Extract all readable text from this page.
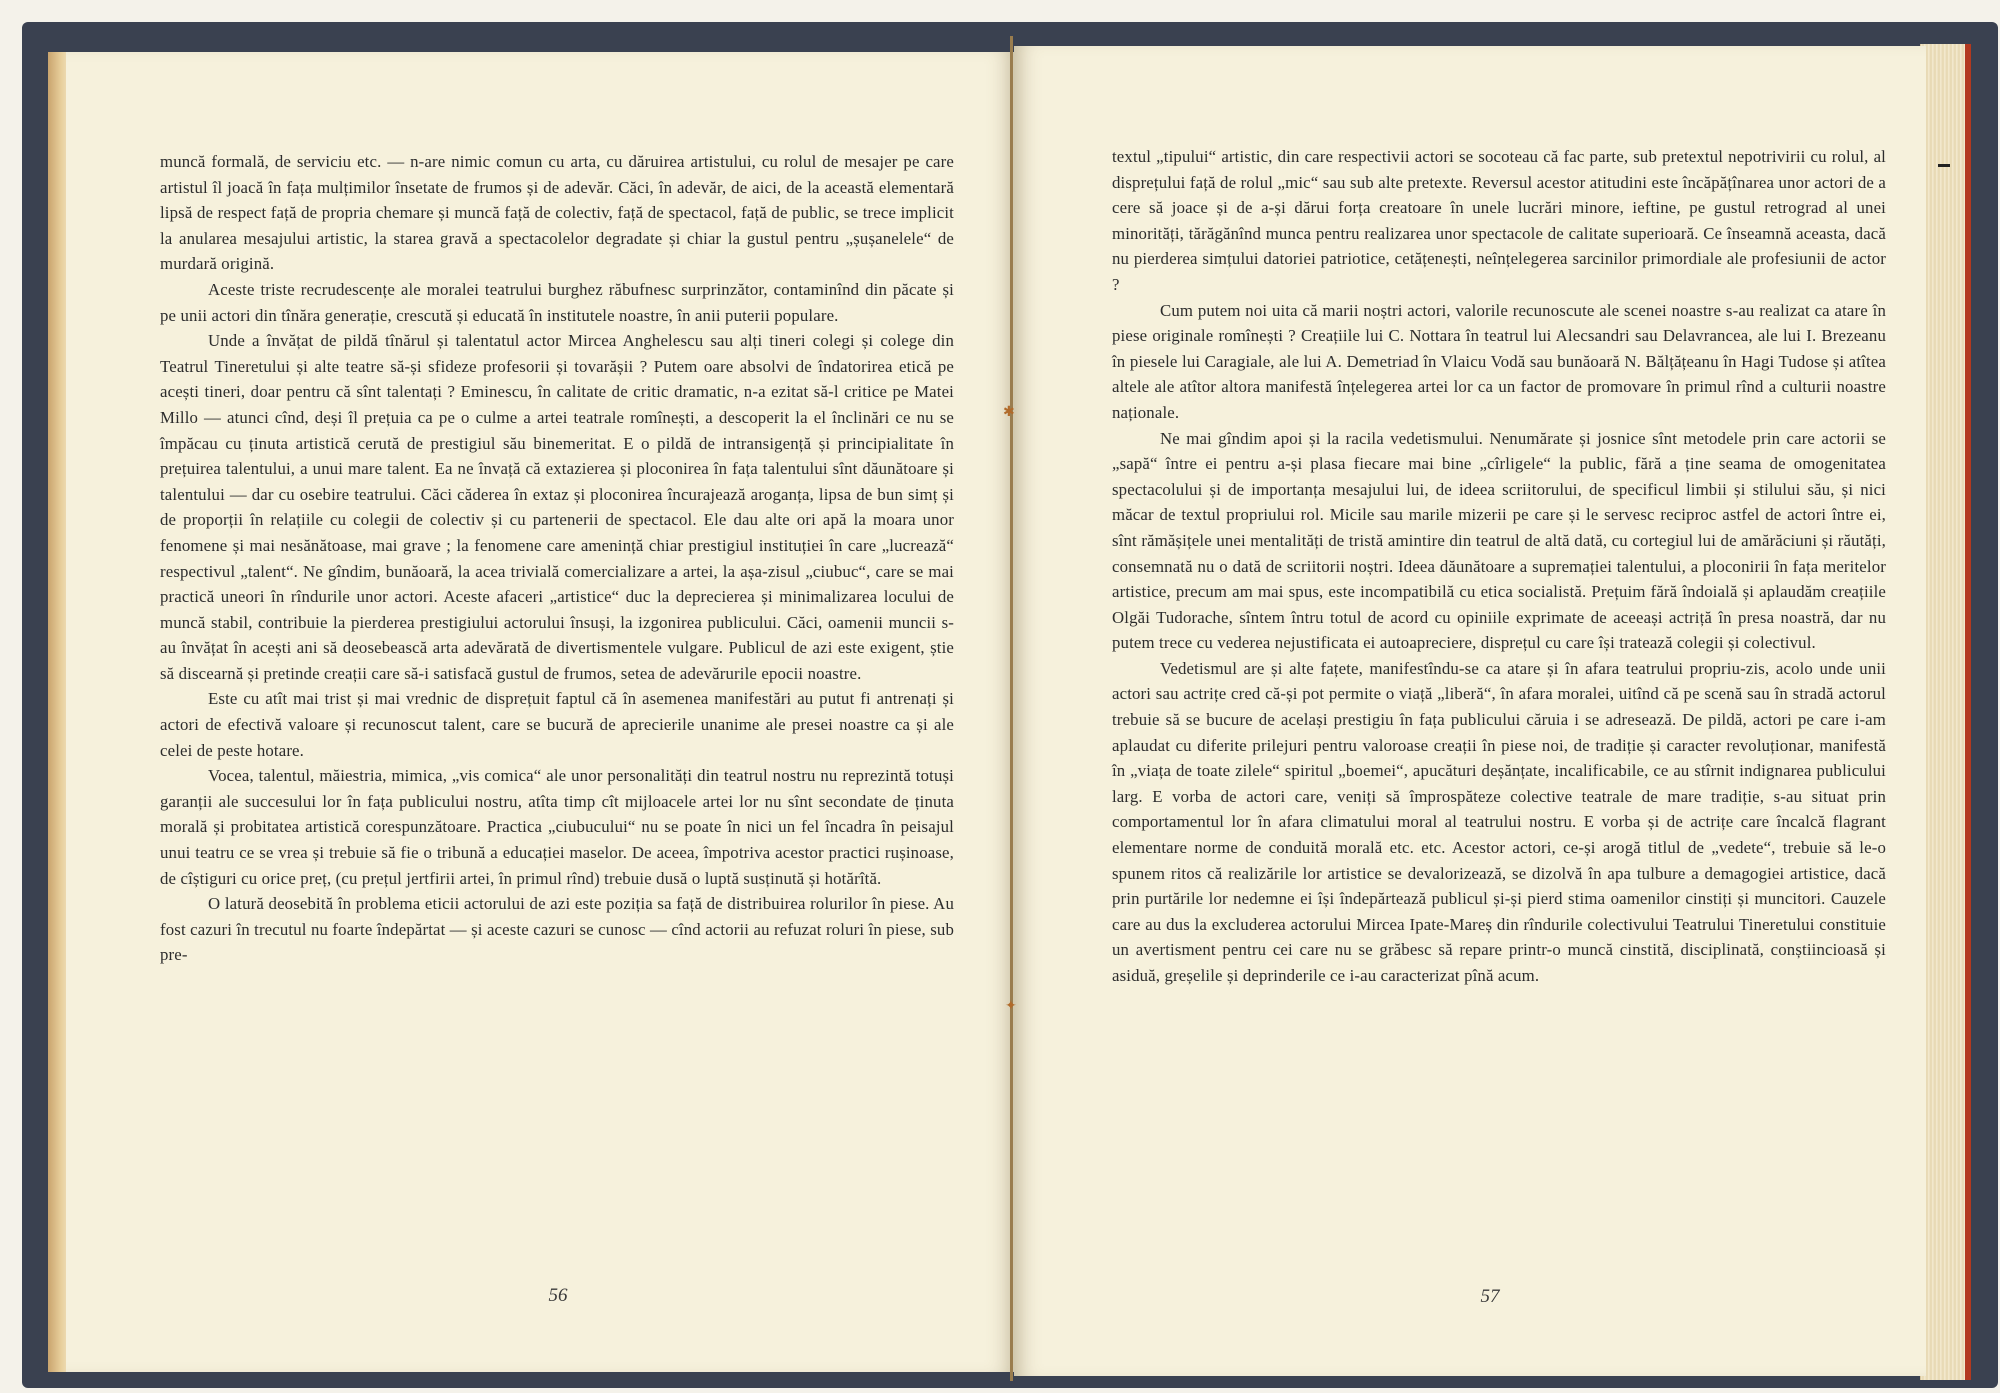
muncă formală, de serviciu etc. — n-are nimic comun cu arta, cu dăruirea artistului, cu rolul de mesajer pe care artistul îl joacă în fața mulțimilor însetate de frumos și de adevăr. Căci, în adevăr, de aici, de la această elementară lipsă de respect față de propria chemare și muncă față de colectiv, față de spectacol, față de public, se trece implicit la anularea mesajului artistic, la starea gravă a spectacolelor degradate și chiar la gustul pentru „șușanelele“ de murdară origină.

Aceste triste recrudescențe ale moralei teatrului burghez răbufnesc surprinzător, contaminînd din păcate și pe unii actori din tînăra generație, crescută și educată în institutele noastre, în anii puterii populare.

Unde a învățat de pildă tînărul și talentatul actor Mircea Anghelescu sau alți tineri colegi și colege din Teatrul Tineretului și alte teatre să-și sfideze profesorii și tovarășii ? Putem oare absolvi de îndatorirea etică pe acești tineri, doar pentru că sînt talentați ? Eminescu, în calitate de critic dramatic, n-a ezitat să-l critice pe Matei Millo — atunci cînd, deși îl prețuia ca pe o culme a artei teatrale romînești, a descoperit la el înclinări ce nu se împăcau cu ținuta artistică cerută de prestigiul său binemeritat. E o pildă de intransigență și principialitate în prețuirea talentului, a unui mare talent. Ea ne învață că extazierea și ploconirea în fața talentului sînt dăunătoare și talentului — dar cu osebire teatrului. Căci căderea în extaz și ploconirea încurajează aroganța, lipsa de bun simț și de proporții în relațiile cu colegii de colectiv și cu partenerii de spectacol. Ele dau alte ori apă la moara unor fenomene și mai nesănătoase, mai grave ; la fenomene care amenință chiar prestigiul instituției în care „lucrează“ respectivul „talent“. Ne gîndim, bunăoară, la acea trivială comercializare a artei, la așa-zisul „ciubuc“, care se mai practică uneori în rîndurile unor actori. Aceste afaceri „artistice“ duc la deprecierea și minimalizarea locului de muncă stabil, contribuie la pierderea prestigiului actorului însuși, la izgonirea publicului. Căci, oamenii muncii s-au învățat în acești ani să deosebească arta adevărată de divertismentele vulgare. Publicul de azi este exigent, știe să discearnă și pretinde creații care să-i satisfacă gustul de frumos, setea de adevărurile epocii noastre.

Este cu atît mai trist și mai vrednic de disprețuit faptul că în asemenea manifestări au putut fi antrenați și actori de efectivă valoare și recunoscut talent, care se bucură de aprecierile unanime ale presei noastre ca și ale celei de peste hotare.

Vocea, talentul, măiestria, mimica, „vis comica“ ale unor personalități din teatrul nostru nu reprezintă totuși garanții ale succesului lor în fața publicului nostru, atîta timp cît mijloacele artei lor nu sînt secondate de ținuta morală și probitatea artistică corespunzătoare. Practica „ciubucului“ nu se poate în nici un fel încadra în peisajul unui teatru ce se vrea și trebuie să fie o tribună a educației maselor. De aceea, împotriva acestor practici rușinoase, de cîștiguri cu orice preț, (cu prețul jertfirii artei, în primul rînd) trebuie dusă o luptă susținută și hotărîtă.

O latură deosebită în problema eticii actorului de azi este poziția sa față de distribuirea rolurilor în piese. Au fost cazuri în trecutul nu foarte îndepărtat — și aceste cazuri se cunosc — cînd actorii au refuzat roluri în piese, sub pre-

56

textul „tipului“ artistic, din care respectivii actori se socoteau că fac parte, sub pretextul nepotrivirii cu rolul, al disprețului față de rolul „mic“ sau sub alte pretexte. Reversul acestor atitudini este încăpățînarea unor actori de a cere să joace și de a-și dărui forța creatoare în unele lucrări minore, ieftine, pe gustul retrograd al unei minorități, tărăgănînd munca pentru realizarea unor spectacole de calitate superioară. Ce înseamnă aceasta, dacă nu pierderea simțului datoriei patriotice, cetățenești, neînțelegerea sarcinilor primordiale ale profesiunii de actor ?

Cum putem noi uita că marii noștri actori, valorile recunoscute ale scenei noastre s-au realizat ca atare în piese originale romînești ? Creațiile lui C. Nottara în teatrul lui Alecsandri sau Delavrancea, ale lui I. Brezeanu în piesele lui Caragiale, ale lui A. Demetriad în Vlaicu Vodă sau bunăoară N. Bălțățeanu în Hagi Tudose și atîtea altele ale atîtor altora manifestă înțelegerea artei lor ca un factor de promovare în primul rînd a culturii noastre naționale.

Ne mai gîndim apoi și la racila vedetismului. Nenumărate și josnice sînt metodele prin care actorii se „sapă“ între ei pentru a-și plasa fiecare mai bine „cîrligele“ la public, fără a ține seama de omogenitatea spectacolului și de importanța mesajului lui, de ideea scriitorului, de specificul limbii și stilului său, și nici măcar de textul propriului rol. Micile sau marile mizerii pe care și le servesc reciproc astfel de actori între ei, sînt rămășițele unei mentalități de tristă amintire din teatrul de altă dată, cu cortegiul lui de amărăciuni și răutăți, consemnată nu o dată de scriitorii noștri. Ideea dăunătoare a supremației talentului, a ploconirii în fața meritelor artistice, precum am mai spus, este incompatibilă cu etica socialistă. Prețuim fără îndoială și aplaudăm creațiile Olgăi Tudorache, sîntem întru totul de acord cu opiniile exprimate de aceeași actriță în presa noastră, dar nu putem trece cu vederea nejustificata ei autoapreciere, disprețul cu care își tratează colegii și colectivul.

Vedetismul are și alte fațete, manifestîndu-se ca atare și în afara teatrului propriu-zis, acolo unde unii actori sau actrițe cred că-și pot permite o viață „liberă“, în afara moralei, uitînd că pe scenă sau în stradă actorul trebuie să se bucure de același prestigiu în fața publicului căruia i se adresează. De pildă, actori pe care i-am aplaudat cu diferite prilejuri pentru valoroase creații în piese noi, de tradiție și caracter revoluționar, manifestă în „viața de toate zilele“ spiritul „boemei“, apucături deșănțate, incalificabile, ce au stîrnit indignarea publicului larg. E vorba de actori care, veniți să împrospăteze colective teatrale de mare tradiție, s-au situat prin comportamentul lor în afara climatului moral al teatrului nostru. E vorba și de actrițe care încalcă flagrant elementare norme de conduită morală etc. etc. Acestor actori, ce-și arogă titlul de „vedete“, trebuie să le-o spunem ritos că realizările lor artistice se devalorizează, se dizolvă în apa tulbure a demagogiei artistice, dacă prin purtările lor nedemne ei își îndepărtează publicul și-și pierd stima oamenilor cinstiți și muncitori. Cauzele care au dus la excluderea actorului Mircea Ipate-Mareș din rîndurile colectivului Teatrului Tineretului constituie un avertisment pentru cei care nu se grăbesc să repare printr-o muncă cinstită, disciplinată, conștiincioasă și asiduă, greșelile și deprinderile ce i-au caracterizat pînă acum.

57
✱
✦
